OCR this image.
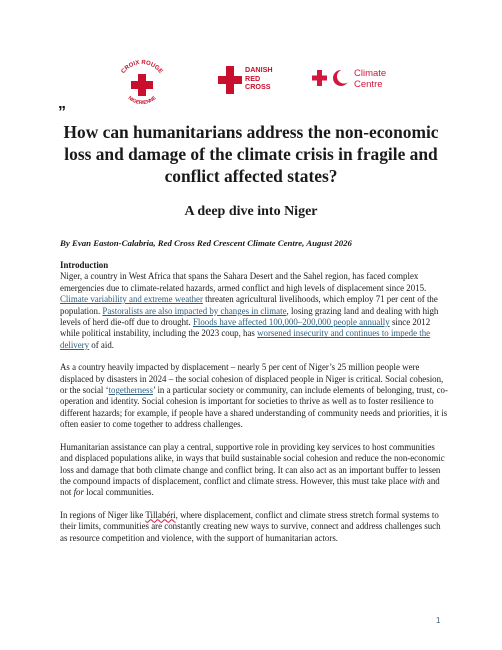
CROIX ROUGE
NIGERIENNE
DANISH
RED
CROSS
Climate
Centre
„
How can humanitarians address the non-economic loss and damage of the climate crisis in fragile and conflict affected states?
A deep dive into Niger
By Evan Easton-Calabria, Red Cross Red Crescent Climate Centre, August 2026

Introduction
Niger, a country in West Africa that spans the Sahara Desert and the Sahel region, has faced complex emergencies due to climate-related hazards, armed conflict and high levels of displacement since 2015. Climate variability and extreme weather threaten agricultural livelihoods, which employ 71 per cent of the population. Pastoralists are also impacted by changes in climate, losing grazing land and dealing with high levels of herd die-off due to drought. Floods have affected 100,000–200,000 people annually since 2012 while political instability, including the 2023 coup, has worsened insecurity and continues to impede the delivery of aid.

As a country heavily impacted by displacement – nearly 5 per cent of Niger’s 25 million people were displaced by disasters in 2024 – the social cohesion of displaced people in Niger is critical. Social cohesion, or the social ‘togetherness’ in a particular society or community, can include elements of belonging, trust, co-operation and identity. Social cohesion is important for societies to thrive as well as to foster resilience to different hazards; for example, if people have a shared understanding of community needs and priorities, it is often easier to come together to address challenges.

Humanitarian assistance can play a central, supportive role in providing key services to host communities and displaced populations alike, in ways that build sustainable social cohesion and reduce the non-economic loss and damage that both climate change and conflict bring. It can also act as an important buffer to lessen the compound impacts of displacement, conflict and climate stress. However, this must take place with and not for local communities.

In regions of Niger like Tillabéri, where displacement, conflict and climate stress stretch formal systems to their limits, communities are constantly creating new ways to survive, connect and address challenges such as resource competition and violence, with the support of humanitarian actors.

1
